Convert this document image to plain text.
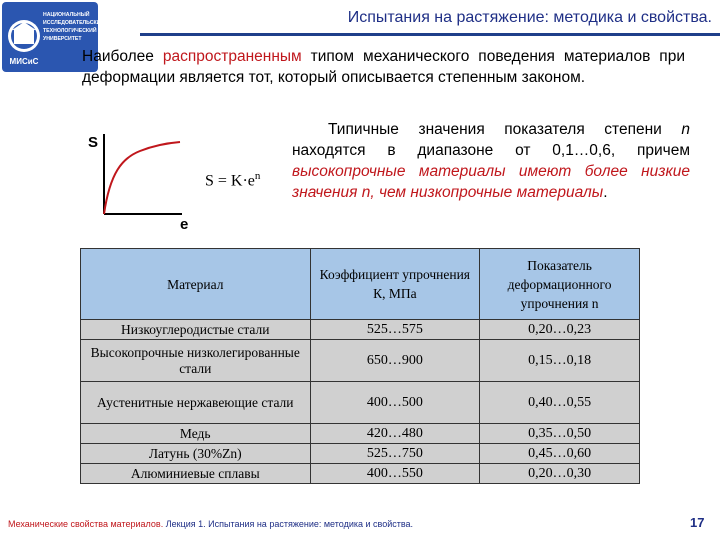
МИСиС
НАЦИОНАЛЬНЫЙ
ИССЛЕДОВАТЕЛЬСКИЙ
ТЕХНОЛОГИЧЕСКИЙ
УНИВЕРСИТЕТ
Испытания на растяжение: методика и свойства.

Наиболее распространенным типом механического поведения материалов при деформации является тот, который описывается степенным законом.

S
e
$S = K\cdot e^n$

Типичные значения показателя степени n находятся в диапазоне от 0,1…0,6, причем высокопрочные материалы имеют более низкие значения n, чем низкопрочные материалы.

Материал	Коэффициент упрочнения К, МПа	Показатель деформационного упрочнения n
Низкоуглеродистые стали	525…575	0,20…0,23
Высокопрочные низколегированные стали	650…900	0,15…0,18
Аустенитные нержавеющие стали	400…500	0,40…0,55
Медь	420…480	0,35…0,50
Латунь (30%Zn)	525…750	0,45…0,60
Алюминиевые сплавы	400…550	0,20…0,30
Механические свойства материалов. Лекция 1. Испытания на растяжение: методика и свойства.	17
